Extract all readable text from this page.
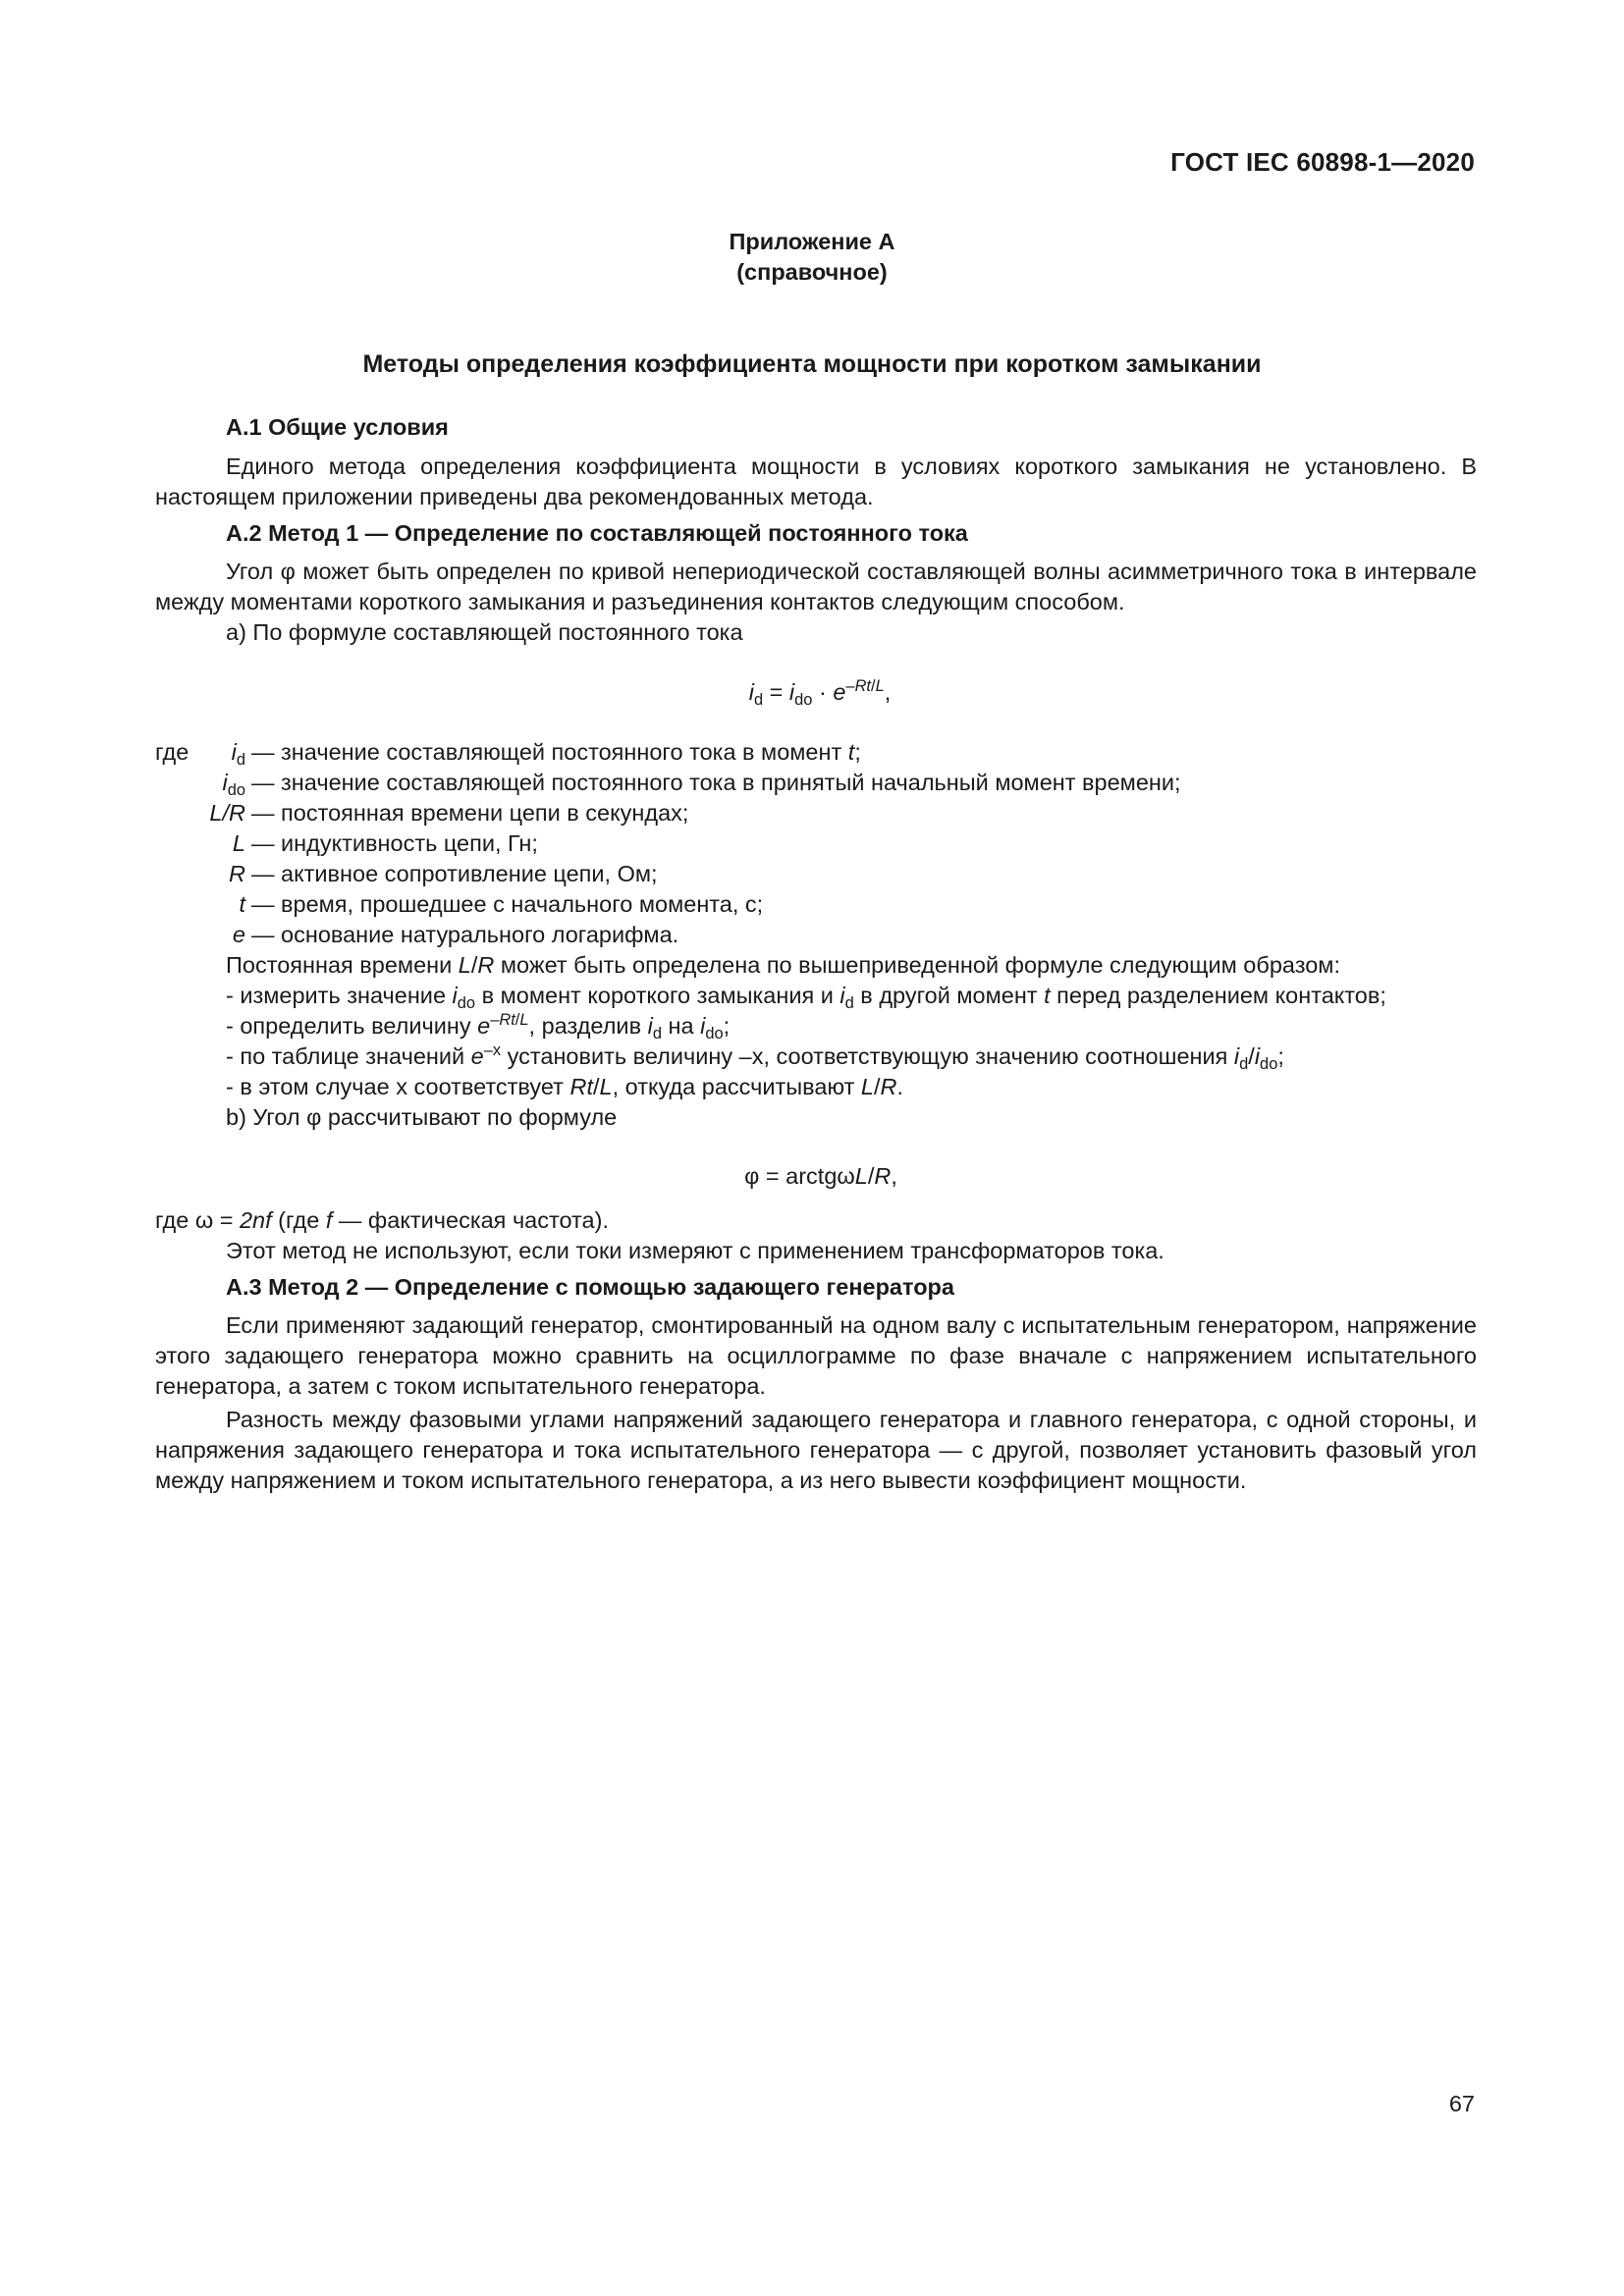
ГОСТ IEC 60898-1—2020
Приложение A
(справочное)
Методы определения коэффициента мощности при коротком замыкании

А.1 Общие условия

Единого метода определения коэффициента мощности в условиях короткого замыкания не установлено. В настоящем приложении приведены два рекомендованных метода.

А.2 Метод 1 — Определение по составляющей постоянного тока

Угол φ может быть определен по кривой непериодической составляющей волны асимметричного тока в интервале между моментами короткого замыкания и разъединения контактов следующим способом.

a) По формуле составляющей постоянного тока

$i_d = i_{do} \cdot e^{-Rt/L}$,

где	$i_d$ — значение составляющей постоянного тока в момент t;
$i_{do}$ — значение составляющей постоянного тока в принятый начальный момент времени;
L/R — постоянная времени цепи в секундах;
L — индуктивность цепи, Гн;
R — активное сопротивление цепи, Ом;
t — время, прошедшее с начального момента, с;
e — основание натурального логарифма.

Постоянная времени L/R может быть определена по вышеприведенной формуле следующим образом:

- измерить значение $i_{do}$ в момент короткого замыкания и $i_d$ в другой момент t перед разделением контактов;

- определить величину $e^{-Rt/L}$, разделив $i_d$ на $i_{do}$;

- по таблице значений $e^{-x}$ установить величину –x, соответствующую значению соотношения $i_d/i_{do}$;

- в этом случае x соответствует Rt/L, откуда рассчитывают L/R.

b) Угол φ рассчитывают по формуле

φ = arctgωL/R,

где ω = 2nf (где f — фактическая частота).

Этот метод не используют, если токи измеряют с применением трансформаторов тока.

А.3 Метод 2 — Определение с помощью задающего генератора

Если применяют задающий генератор, смонтированный на одном валу с испытательным генератором, напряжение этого задающего генератора можно сравнить на осциллограмме по фазе вначале с напряжением испытательного генератора, а затем с током испытательного генератора.

Разность между фазовыми углами напряжений задающего генератора и главного генератора, с одной стороны, и напряжения задающего генератора и тока испытательного генератора — с другой, позволяет установить фазовый угол между напряжением и током испытательного генератора, а из него вывести коэффициент мощности.

67
